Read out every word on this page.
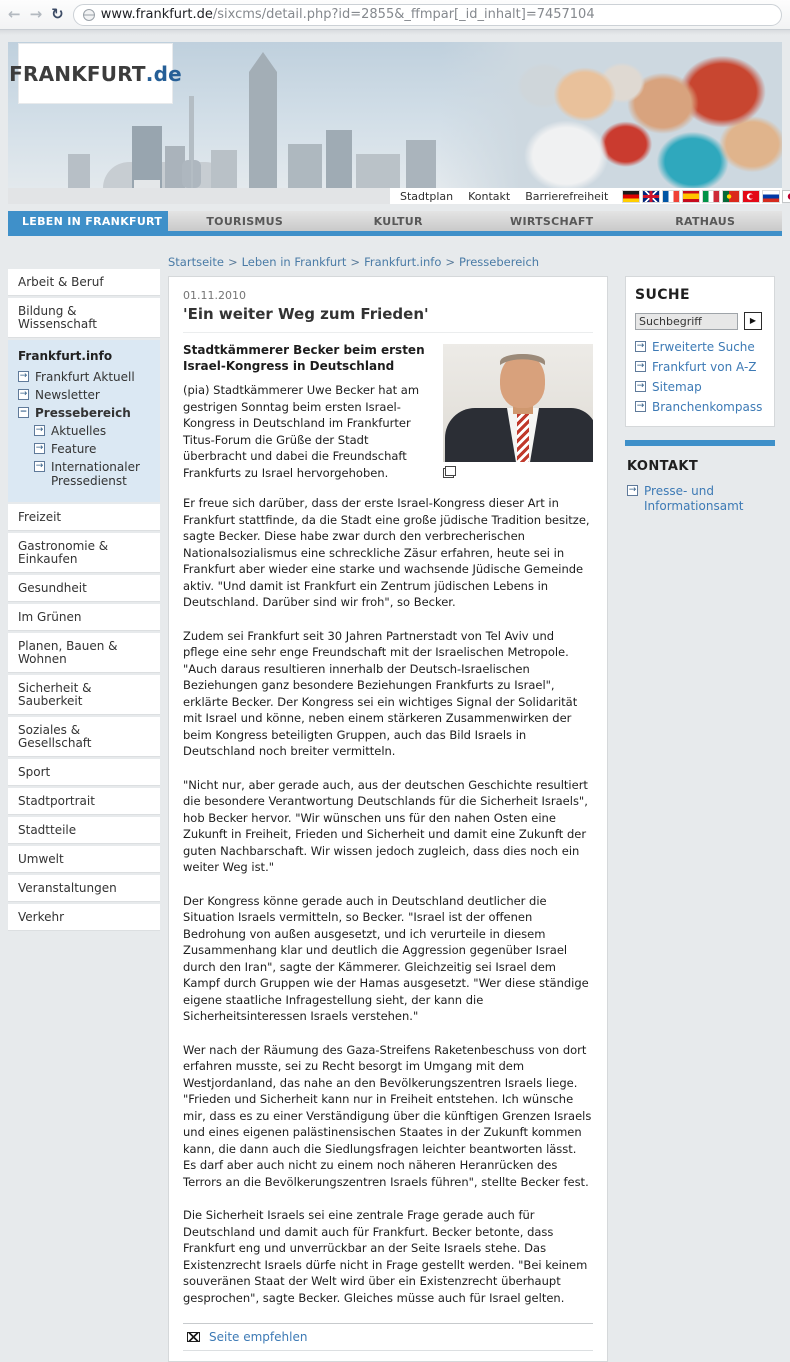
← → ↻	www.frankfurt.de/sixcms/detail.php?id=2855&_ffmpar[_id_inhalt]=7457104
FRANKFURT .de
Stadtplan Kontakt Barrierefreiheit
LEBEN IN FRANKFURT	TOURISMUS	KULTUR	WIRTSCHAFT	RATHAUS
Arbeit & Beruf
Bildung & Wissenschaft
Frankfurt.info
→
Frankfurt Aktuell
→
Newsletter
−
Pressebereich
→
Aktuelles
→
Feature
→
Internationaler Pressedienst
Freizeit
Gastronomie & Einkaufen
Gesundheit
Im Grünen
Planen, Bauen & Wohnen
Sicherheit & Sauberkeit
Soziales & Gesellschaft
Sport
Stadtportrait
Stadtteile
Umwelt
Veranstaltungen
Verkehr
Startseite > Leben in Frankfurt > Frankfurt.info > Pressebereich
01.11.2010
'Ein weiter Weg zum Frieden'
Stadtkämmerer Becker beim ersten Israel-Kongress in Deutschland

(pia) Stadtkämmerer Uwe Becker hat am gestrigen Sonntag beim ersten Israel-Kongress in Deutschland im Frankfurter Titus-Forum die Grüße der Stadt überbracht und dabei die Freundschaft Frankfurts zu Israel hervorgehoben.

Er freue sich darüber, dass der erste Israel-Kongress dieser Art in Frankfurt stattfinde, da die Stadt eine große jüdische Tradition besitze, sagte Becker. Diese habe zwar durch den verbrecherischen Nationalsozialismus eine schreckliche Zäsur erfahren, heute sei in Frankfurt aber wieder eine starke und wachsende Jüdische Gemeinde aktiv. "Und damit ist Frankfurt ein Zentrum jüdischen Lebens in Deutschland. Darüber sind wir froh", so Becker.

Zudem sei Frankfurt seit 30 Jahren Partnerstadt von Tel Aviv und pflege eine sehr enge Freundschaft mit der Israelischen Metropole. "Auch daraus resultieren innerhalb der Deutsch-Israelischen Beziehungen ganz besondere Beziehungen Frankfurts zu Israel", erklärte Becker. Der Kongress sei ein wichtiges Signal der Solidarität mit Israel und könne, neben einem stärkeren Zusammenwirken der beim Kongress beteiligten Gruppen, auch das Bild Israels in Deutschland noch breiter vermitteln.

"Nicht nur, aber gerade auch, aus der deutschen Geschichte resultiert die besondere Verantwortung Deutschlands für die Sicherheit Israels", hob Becker hervor. "Wir wünschen uns für den nahen Osten eine Zukunft in Freiheit, Frieden und Sicherheit und damit eine Zukunft der guten Nachbarschaft. Wir wissen jedoch zugleich, dass dies noch ein weiter Weg ist."

Der Kongress könne gerade auch in Deutschland deutlicher die Situation Israels vermitteln, so Becker. "Israel ist der offenen Bedrohung von außen ausgesetzt, und ich verurteile in diesem Zusammenhang klar und deutlich die Aggression gegenüber Israel durch den Iran", sagte der Kämmerer. Gleichzeitig sei Israel dem Kampf durch Gruppen wie der Hamas ausgesetzt. "Wer diese ständige eigene staatliche Infragestellung sieht, der kann die Sicherheitsinteressen Israels verstehen."

Wer nach der Räumung des Gaza-Streifens Raketenbeschuss von dort erfahren musste, sei zu Recht besorgt im Umgang mit dem Westjordanland, das nahe an den Bevölkerungszentren Israels liege. "Frieden und Sicherheit kann nur in Freiheit entstehen. Ich wünsche mir, dass es zu einer Verständigung über die künftigen Grenzen Israels und eines eigenen palästinensischen Staates in der Zukunft kommen kann, die dann auch die Siedlungsfragen leichter beantworten lässt. Es darf aber auch nicht zu einem noch näheren Heranrücken des Terrors an die Bevölkerungszentren Israels führen", stellte Becker fest.

Die Sicherheit Israels sei eine zentrale Frage gerade auch für Deutschland und damit auch für Frankfurt. Becker betonte, dass Frankfurt eng und unverrückbar an der Seite Israels stehe. Das Existenzrecht Israels dürfe nicht in Frage gestellt werden. "Bei keinem souveränen Staat der Welt wird über ein Existenzrecht überhaupt gesprochen", sagte Becker. Gleiches müsse auch für Israel gelten.

Seite empfehlen
SUCHE
Suchbegriff
▶
→
Erweiterte Suche
→
Frankfurt von A-Z
→
Sitemap
→
Branchenkompass
KONTAKT
→
Presse- und Informationsamt
